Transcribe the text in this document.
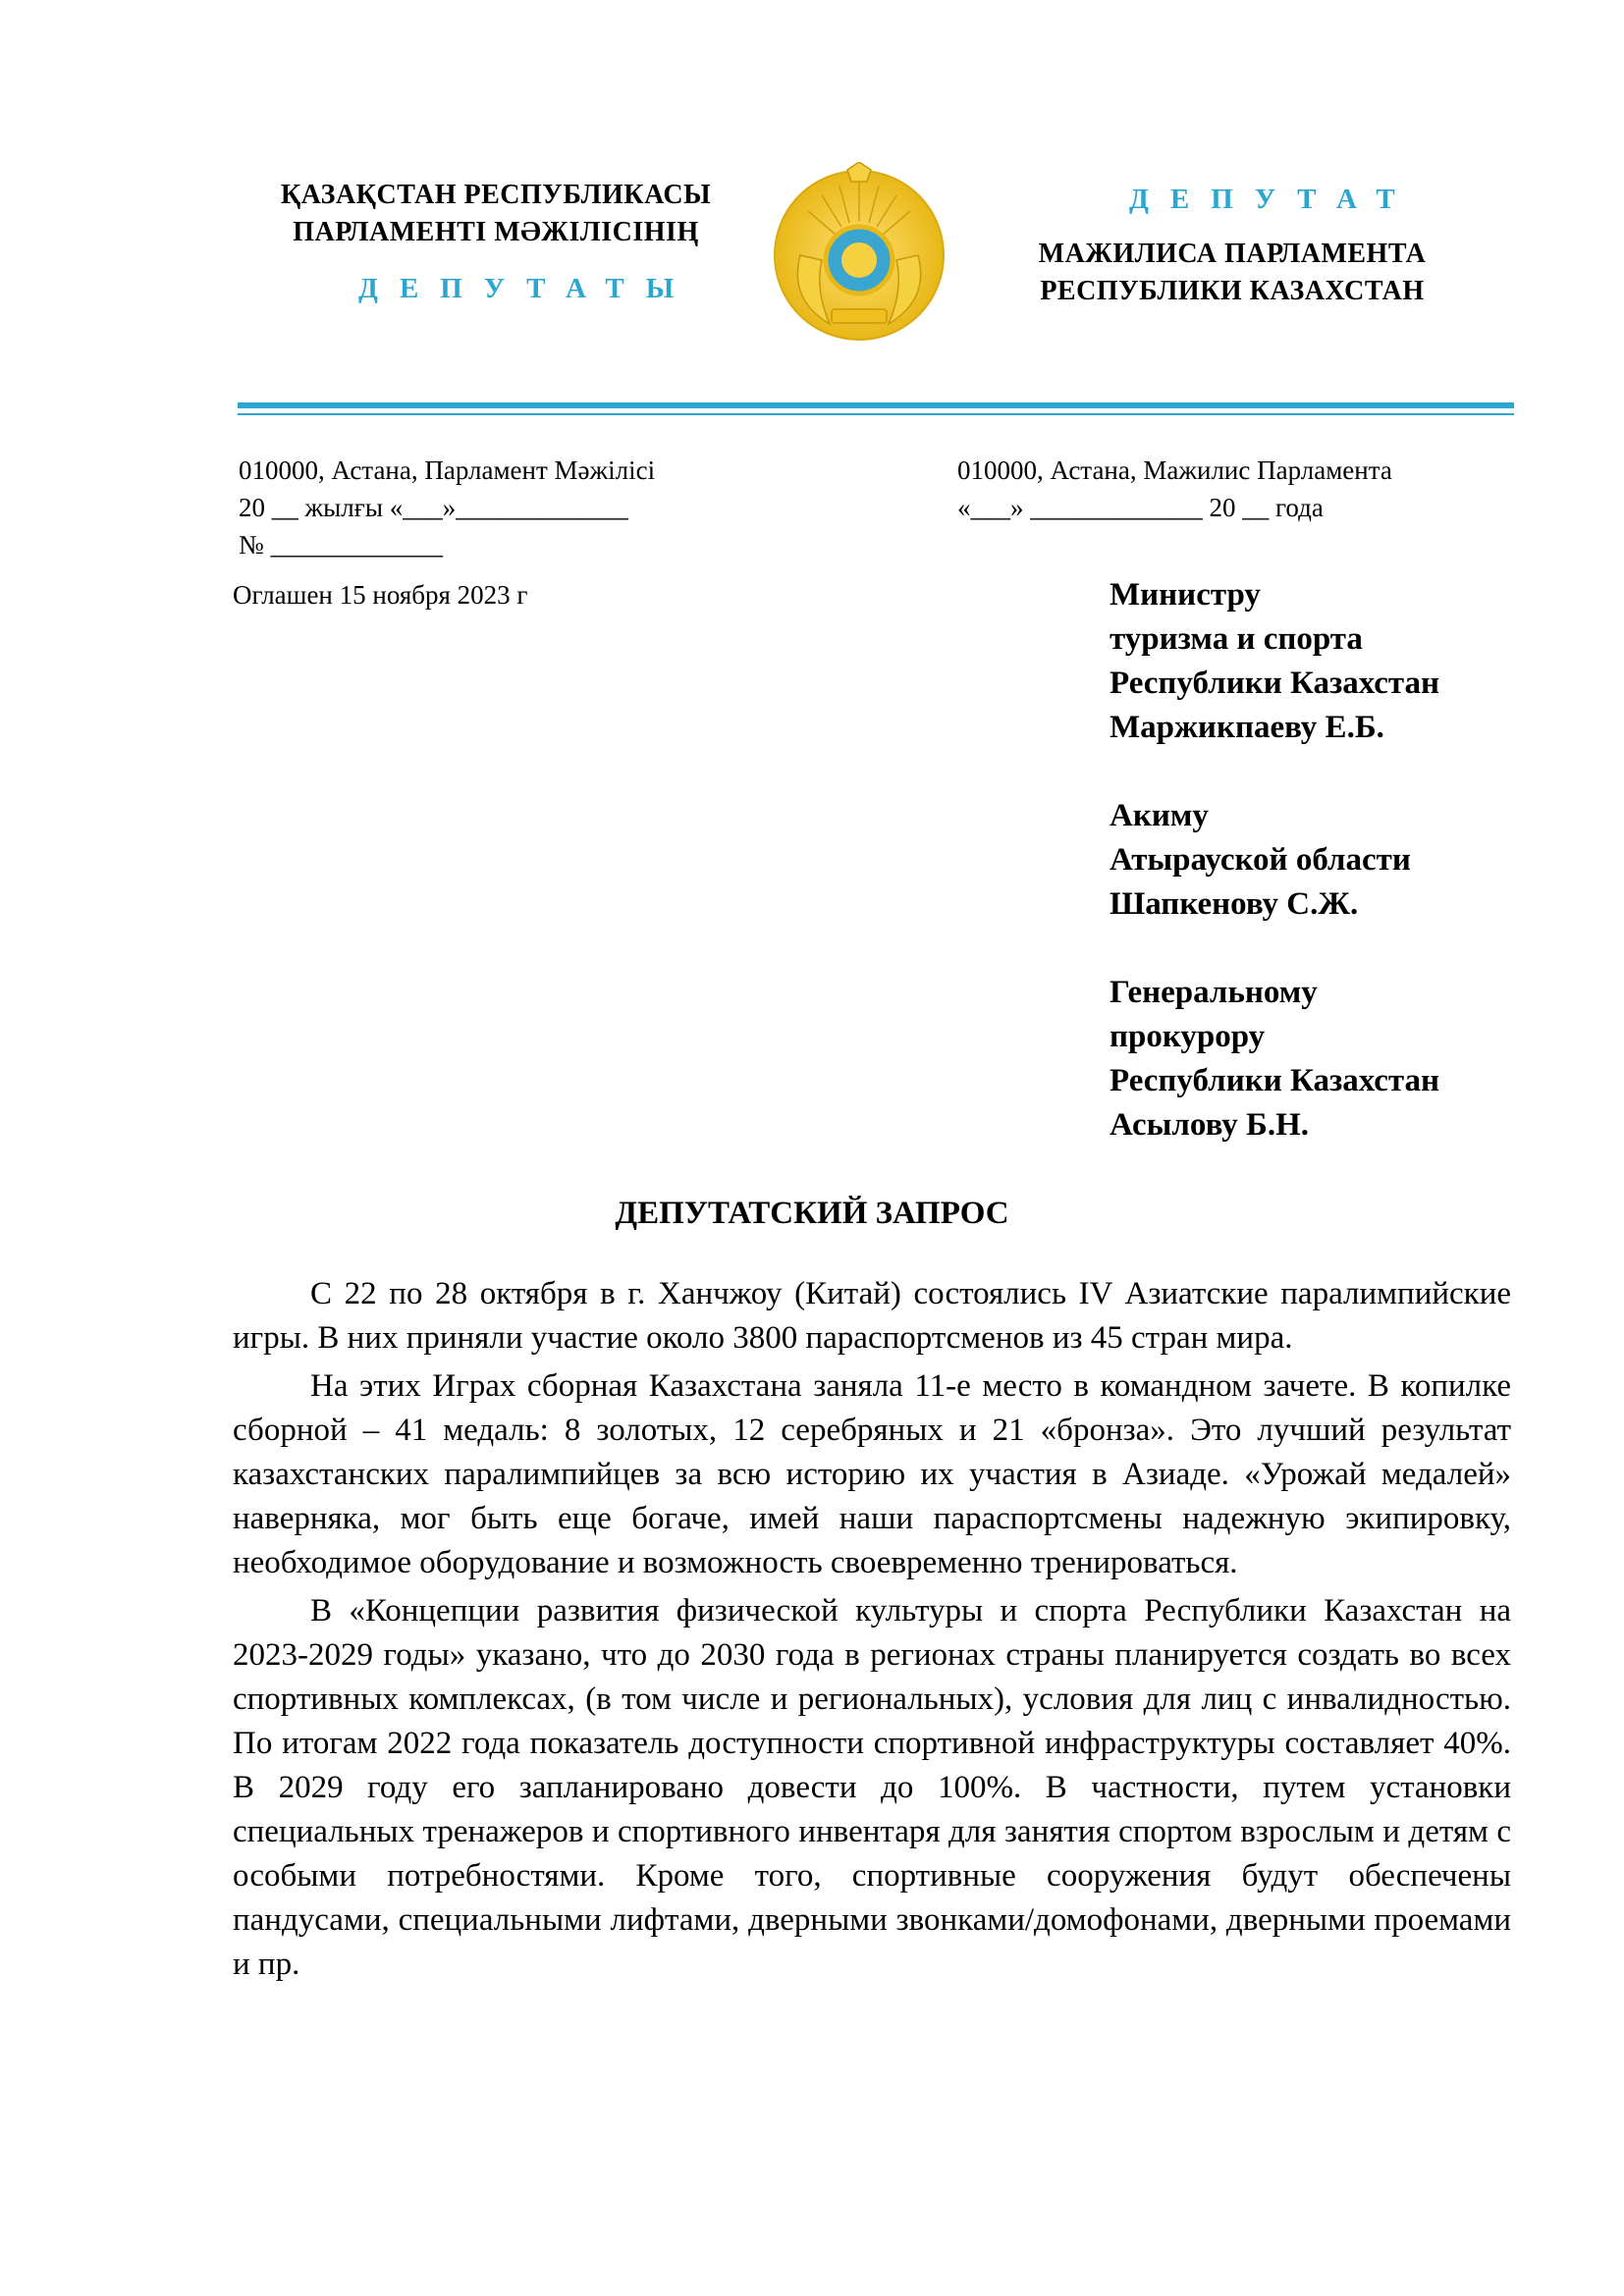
ҚАЗАҚСТАН РЕСПУБЛИКАСЫ
ПАРЛАМЕНТІ МӘЖІЛІСІНІҢ
ДЕПУТАТЫ
ДЕПУТАТ
МАЖИЛИСА ПАРЛАМЕНТА
РЕСПУБЛИКИ КАЗАХСТАН
010000, Астана, Парламент Мәжілісі
20 __ жылғы «___»_____________
№ _____________
010000, Астана, Мажилис Парламента
«___» _____________ 20 __ года
Оглашен 15 ноября 2023 г	Министру
туризма и спорта
Республики Казахстан
Маржикпаеву Е.Б.
Акиму
Атырауской области
Шапкенову С.Ж.
Генеральному
прокурору
Республики Казахстан
Асылову Б.Н.
ДЕПУТАТСКИЙ ЗАПРОС

С 22 по 28 октября в г. Ханчжоу (Китай) состоялись IV Азиатские паралимпийские игры. В них приняли участие около 3800 параспортсменов из 45 стран мира.

На этих Играх сборная Казахстана заняла 11-е место в командном зачете. В копилке сборной – 41 медаль: 8 золотых, 12 серебряных и 21 «бронза». Это лучший результат казахстанских паралимпийцев за всю историю их участия в Азиаде. «Урожай медалей» наверняка, мог быть еще богаче, имей наши параспортсмены надежную экипировку, необходимое оборудование и возможность своевременно тренироваться.

В «Концепции развития физической культуры и спорта Республики Казахстан на 2023-2029 годы» указано, что до 2030 года в регионах страны планируется создать во всех спортивных комплексах, (в том числе и региональных), условия для лиц с инвалидностью. По итогам 2022 года показатель доступности спортивной инфраструктуры составляет 40%. В 2029 году его запланировано довести до 100%. В частности, путем установки специальных тренажеров и спортивного инвентаря для занятия спортом взрослым и детям с особыми потребностями. Кроме того, спортивные сооружения будут обеспечены пандусами, специальными лифтами, дверными звонками/домофонами, дверными проемами и пр.
